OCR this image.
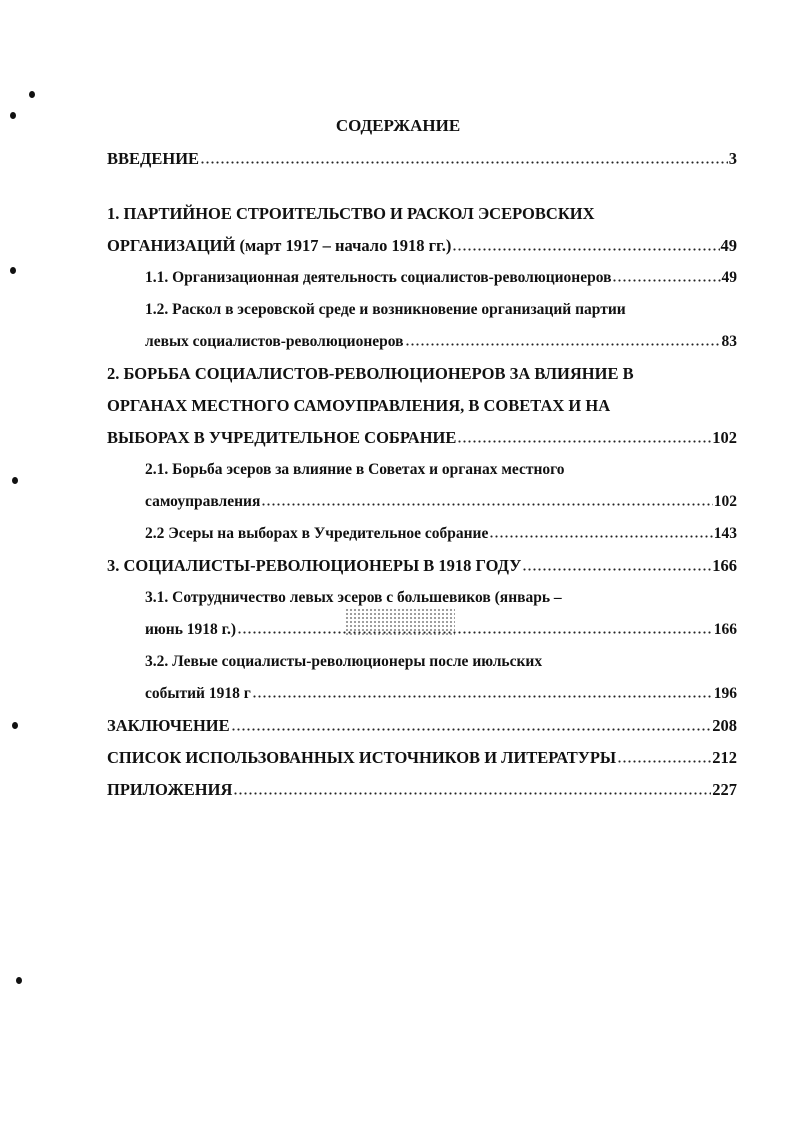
СОДЕРЖАНИЕ
ВВЕДЕНИЕ	3
1. ПАРТИЙНОЕ СТРОИТЕЛЬСТВО И РАСКОЛ ЭСЕРОВСКИХ
ОРГАНИЗАЦИЙ (март 1917 – начало 1918 гг.)	49
1.1. Организационная деятельность социалистов-революционеров	49
1.2. Раскол в эсеровской среде и возникновение организаций партии
левых социалистов-революционеров	83
2. БОРЬБА СОЦИАЛИСТОВ-РЕВОЛЮЦИОНЕРОВ ЗА ВЛИЯНИЕ В
ОРГАНАХ МЕСТНОГО САМОУПРАВЛЕНИЯ, В СОВЕТАХ И НА
ВЫБОРАХ В УЧРЕДИТЕЛЬНОЕ СОБРАНИЕ	102
2.1. Борьба эсеров за влияние в Советах и органах местного
самоуправления	102
2.2 Эсеры на выборах в Учредительное собрание	143
3. СОЦИАЛИСТЫ-РЕВОЛЮЦИОНЕРЫ В 1918 ГОДУ	166
3.1. Сотрудничество левых эсеров с большевиков (январь –
июнь 1918 г.)	166
3.2. Левые социалисты-революционеры после июльских
событий 1918 г	196
ЗАКЛЮЧЕНИЕ	208
СПИСОК ИСПОЛЬЗОВАННЫХ ИСТОЧНИКОВ И ЛИТЕРАТУРЫ	212
ПРИЛОЖЕНИЯ	227
